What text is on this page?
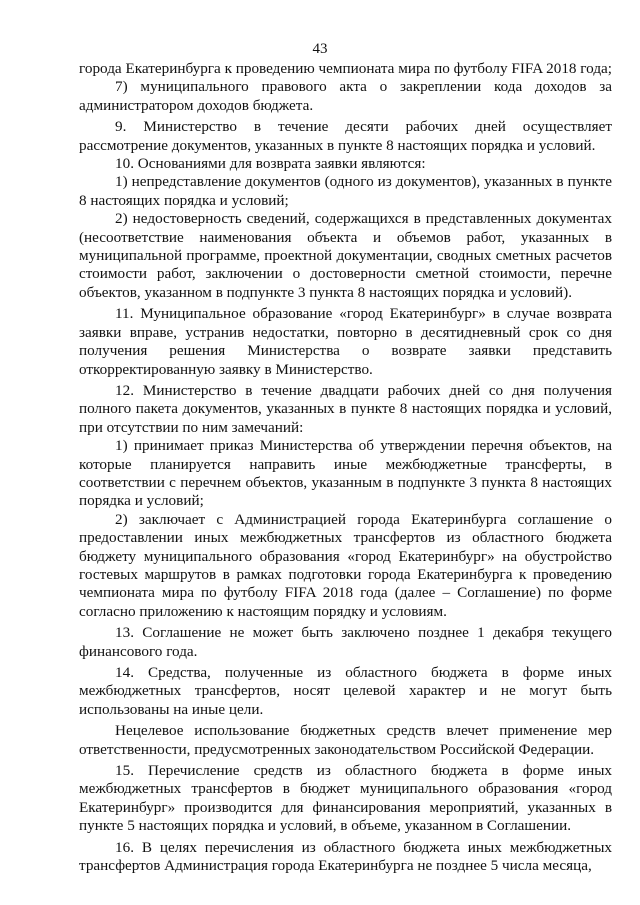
43

города Екатеринбурга к проведению чемпионата мира по футболу FIFA 2018 года;

7) муниципального правового акта о закреплении кода доходов за администратором доходов бюджета.

9. Министерство в течение десяти рабочих дней осуществляет рассмотрение документов, указанных в пункте 8 настоящих порядка и условий.

10. Основаниями для возврата заявки являются:

1) непредставление документов (одного из документов), указанных в пункте 8 настоящих порядка и условий;

2) недостоверность сведений, содержащихся в представленных документах (несоответствие наименования объекта и объемов работ, указанных в муниципальной программе, проектной документации, сводных сметных расчетов стоимости работ, заключении о достоверности сметной стоимости, перечне объектов, указанном в подпункте 3 пункта 8 настоящих порядка и условий).

11. Муниципальное образование «город Екатеринбург» в случае возврата заявки вправе, устранив недостатки, повторно в десятидневный срок со дня получения решения Министерства о возврате заявки представить откорректированную заявку в Министерство.

12. Министерство в течение двадцати рабочих дней со дня получения полного пакета документов, указанных в пункте 8 настоящих порядка и условий, при отсутствии по ним замечаний:

1) принимает приказ Министерства об утверждении перечня объектов, на которые планируется направить иные межбюджетные трансферты, в соответствии с перечнем объектов, указанным в подпункте 3 пункта 8 настоящих порядка и условий;

2) заключает с Администрацией города Екатеринбурга соглашение о предоставлении иных межбюджетных трансфертов из областного бюджета бюджету муниципального образования «город Екатеринбург» на обустройство гостевых маршрутов в рамках подготовки города Екатеринбурга к проведению чемпионата мира по футболу FIFA 2018 года (далее – Соглашение) по форме согласно приложению к настоящим порядку и условиям.

13. Соглашение не может быть заключено позднее 1 декабря текущего финансового года.

14. Средства, полученные из областного бюджета в форме иных межбюджетных трансфертов, носят целевой характер и не могут быть использованы на иные цели.

Нецелевое использование бюджетных средств влечет применение мер ответственности, предусмотренных законодательством Российской Федерации.

15. Перечисление средств из областного бюджета в форме иных межбюджетных трансфертов в бюджет муниципального образования «город Екатеринбург» производится для финансирования мероприятий, указанных в пункте 5 настоящих порядка и условий, в объеме, указанном в Соглашении.

16. В целях перечисления из областного бюджета иных межбюджетных трансфертов Администрация города Екатеринбурга не позднее 5 числа месяца,
